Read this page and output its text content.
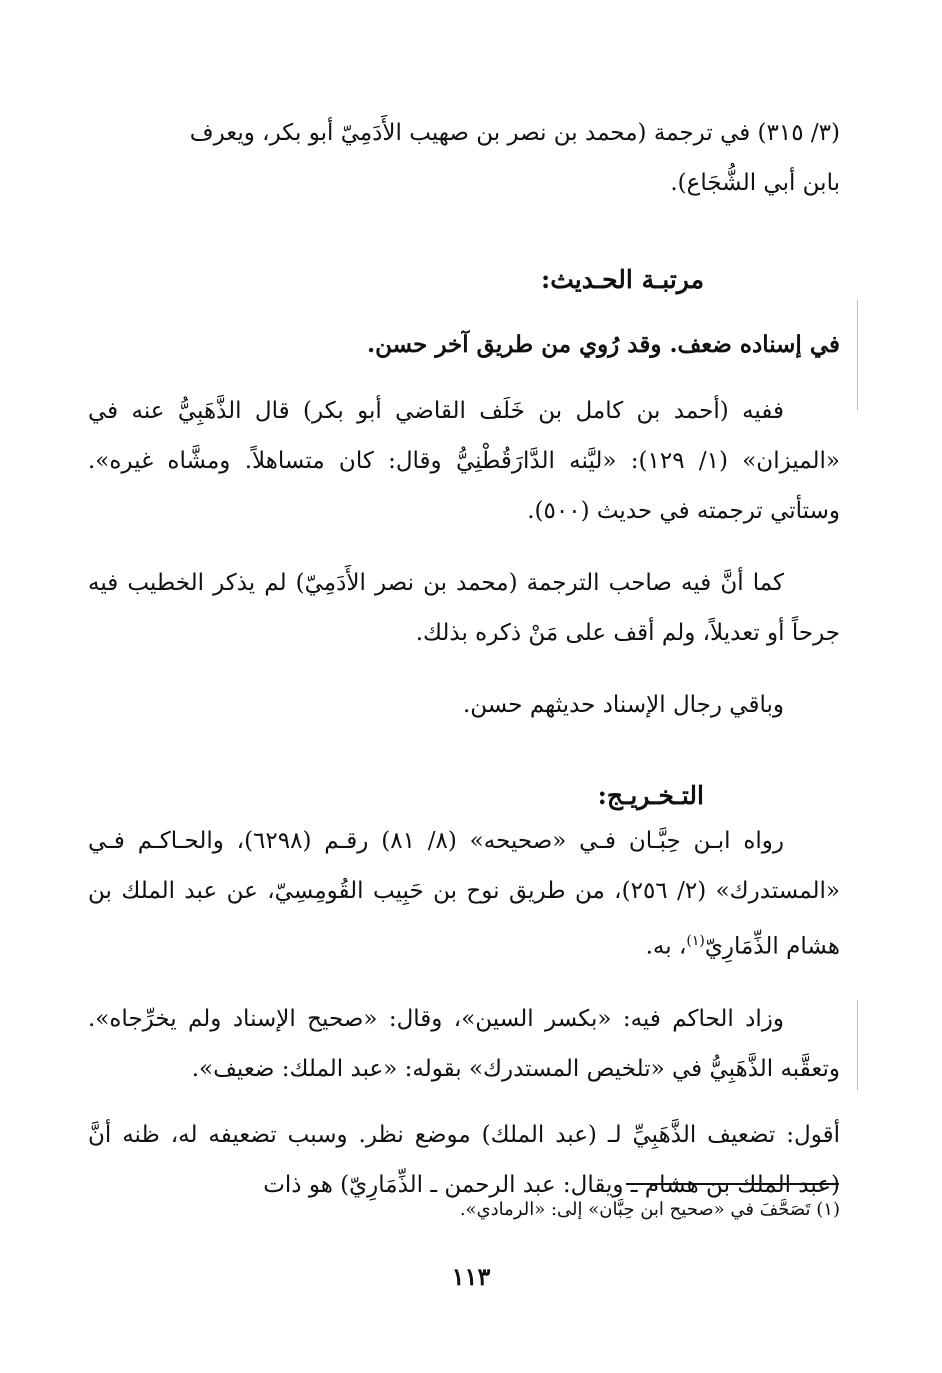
(٣/ ٣١٥) في ترجمة (محمد بن نصر بن صهيب الأَدَمِيّ أبو بكر، ويعرف

بابن أبي الشُّجَاع).

مرتبـة الحـديث:

في إسناده ضعف. وقد رُوي من طريق آخر حسن.

ففيه (أحمد بن كامل بن خَلَف القاضي أبو بكر) قال الذَّهَبِيُّ عنه في «الميزان» (١/ ١٢٩): «ليَّنه الدَّارَقُطْنِيُّ وقال: كان متساهلاً. ومشَّاه غيره». وستأتي ترجمته في حديث (٥٠٠).

كما أنَّ فيه صاحب الترجمة (محمد بن نصر الأَدَمِيّ) لم يذكر الخطيب فيه جرحاً أو تعديلاً، ولم أقف على مَنْ ذكره بذلك.

وباقي رجال الإسناد حديثهم حسن.

التـخـريـج:

رواه ابـن حِبَّـان فـي «صحيحه» (٨/ ٨١) رقـم (٦٢٩٨)، والحـاكـم فـي «المستدرك» (٢/ ٢٥٦)، من طريق نوح بن حَبِيب القُومِسِيّ، عن عبد الملك بن هشام الذِّمَارِيّ$^{(١)}$، به.

وزاد الحاكم فيه: «بكسر السين»، وقال: «صحيح الإسناد ولم يخرِّجاه». وتعقَّبه الذَّهَبِيُّ في «تلخيص المستدرك» بقوله: «عبد الملك: ضعيف».

أقول: تضعيف الذَّهَبِيِّ لـ (عبد الملك) موضع نظر. وسبب تضعيفه له، ظنه أنَّ (عبد الملك بن هشام ـ ويقال: عبد الرحمن ـ الذِّمَارِيّ) هو ذات

(١) تَصَحَّفَ في «صحيح ابن حِبَّان» إلى: «الرمادي».

١١٣
